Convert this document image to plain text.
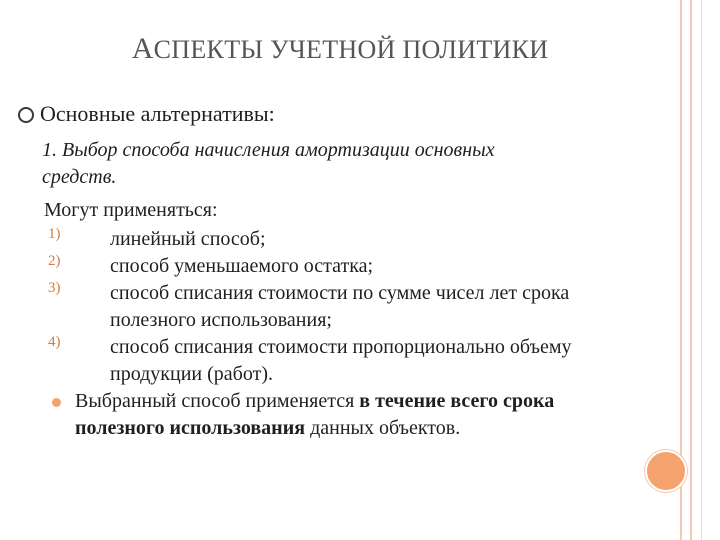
АСПЕКТЫ УЧЕТНОЙ ПОЛИТИКИ
Основные альтернативы:
1. Выбор способа начисления амортизации основных
средств.
Могут применяться:
1)	линейный способ;
2)	способ уменьшаемого остатка;
3)	способ списания стоимости по сумме чисел лет срока
полезного использования;
4)	способ списания стоимости пропорционально объему
продукции (работ).
Выбранный способ применяется в течение всего срока
полезного использования данных объектов.
